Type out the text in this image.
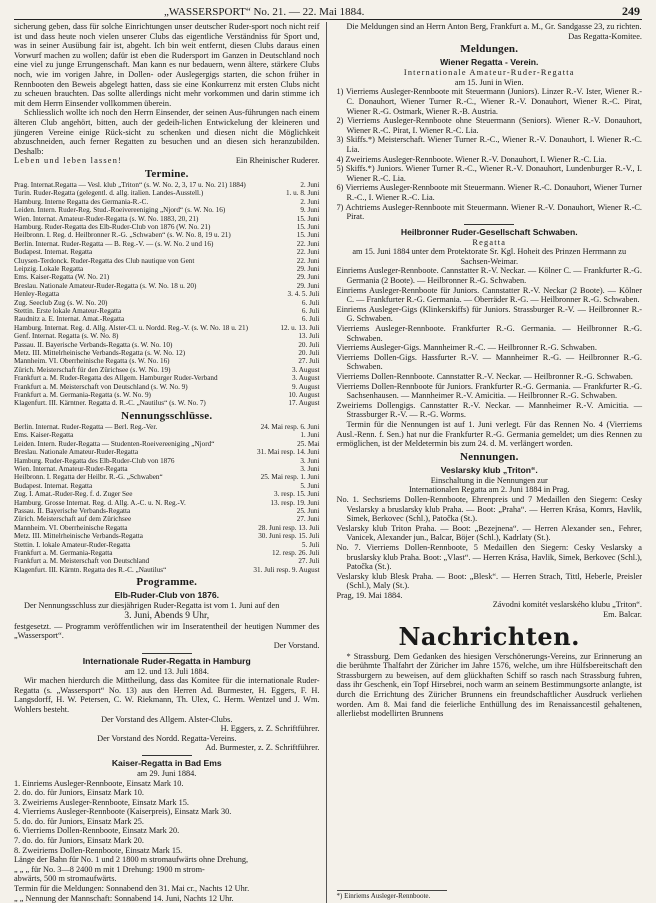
„WASSERSPORT“ No. 21. — 22. Mai 1884.	249

sicherung geben, dass für solche Einrichtungen unser deutscher Ruder-sport noch nicht reif ist und dass heute noch vielen unserer Clubs das eigentliche Verständniss für Sport und, was in seiner Ausübung fair ist, abgeht. Ich bin weit entfernt, diesen Clubs daraus einen Vorwurf machen zu wollen; dafür ist eben die Rudersport im Ganzen in Deutschland noch eine viel zu junge Errungenschaft. Man kann es nur bedauern, wenn ältere, stärkere Clubs noch, wie im vorigen Jahre, in Dollen- oder Auslegergigs starten, die schon früher in Rennbooten den Beweis abgelegt hatten, dass sie eine Konkurrenz mit ersten Clubs nicht zu scheuen brauchten. Das sollte allerdings nicht mehr vorkommen und darin stimme ich mit dem Herrn Einsender vollkommen überein.

Schliesslich wollte ich noch den Herrn Einsender, der seinen Aus-führungen nach einem älteren Club angehört, bitten, auch der gedeih-lichen Entwickelung der kleineren und jüngeren Vereine einige Rück-sicht zu schenken und diesen nicht die Möglichkeit abzuschneiden, auch ferner Regatten zu besuchen und an diesen sich heranzubilden. Deshalb:

Leben und leben lassen!	Ein Rheinischer Ruderer.

Termine.
Prag. Internat.Regatta — Vesl. klub „Triton“ (s. W. No. 2, 3, 17 u. No. 21) 1884)	2. Juni
Turin. Ruder-Regatta (gelegentl. d. allg. italien. Landes-Ausstell.)	1. u. 8. Juni
Hamburg. Interne Regatta des Germania-R.-C.	2. Juni
Leiden. Intern. Ruder-Reg. Stud.-Roeivereeniging „Njord“ (s. W. No. 16)	9. Juni
Wien. Internat. Amateur-Ruder-Regatta (s. W. No. 1883, 20, 21)	15. Juni
Hamburg. Ruder-Regatta des Elb-Ruder-Club von 1876 (W. No. 21)	15. Juni
Heilbronn. I. Reg. d. Heilbronner R.-G. „Schwaben“ (s. W. No. 8, 19 u. 21)	15. Juni
Berlin. Internat. Ruder-Regatta — B. Reg.-V. — (s. W. No. 2 und 16)	22. Juni
Budapest. Internat. Regatta	22. Juni
Cluysen-Terdonck. Ruder-Regatta des Club nautique von Gent	22. Juni
Leipzig. Lokale Regatta	29. Juni
Ems. Kaiser-Regatta (W. No. 21)	29. Juni
Breslau. Nationale Amateur-Ruder-Regatta (s. W. No. 18 u. 20)	29. Juni
Henley-Regatta	3. 4. 5. Juli
Zug. Seeclub Zug (s. W. No. 20)	6. Juli
Stettin. Erste lokale Amateur-Regatta	6. Juli
Raudnitz a. E. Internat. Amat.-Regatta	6. Juli
Hamburg. Internat. Reg. d. Allg. Alster-Cl. u. Nordd. Reg.-V. (s. W. No. 18 u. 21)	12. u. 13. Juli
Genf. Internat. Regatta (s. W. No. 8)	13. Juli
Passau. II. Bayerische Verbands-Regatta (s. W. No. 10)	20. Juli
Metz. III. Mittelrheinische Verbands-Regatta (s. W. No. 12)	20. Juli
Mannheim. VI. Oberrheinische Regatta (s. W. No. 16)	27. Juli
Zürich. Meisterschaft für den Zürichsee (s. W. No. 19)	3. August
Frankfurt a. M. Ruder-Regatta des Allgem. Hamburger Ruder-Verband	3. August
Frankfurt a. M. Meisterschaft von Deutschland (s. W. No. 9)	9. August
Frankfurt a. M. Germania-Regatta (s. W. No. 9)	10. August
Klagenfurt. III. Kärntner. Regatta d. R.-C. „Nautilus“ (s. W. No. 7)	17. August
Nennungsschlüsse.
Berlin. Internat. Ruder-Regatta — Berl. Reg.-Ver.	24. Mai resp. 6. Juni
Ems. Kaiser-Regatta	1. Juni
Leiden. Intern. Ruder-Regatta — Studenten-Roeivereeniging „Njord“	25. Mai
Breslau. Nationale Amateur-Ruder-Regatta	31. Mai resp. 14. Juni
Hamburg. Ruder-Regatta des Elb-Ruder-Club von 1876	3. Juni
Wien. Internat. Amateur-Ruder-Regatta	3. Juni
Heilbronn. I. Regatta der Heilbr. R.-G. „Schwaben“	25. Mai resp. 1. Juni
Budapest. Internat. Regatta	5. Juni
Zug. I. Amat.-Ruder-Reg. f. d. Zuger See	3. resp. 15. Juni
Hamburg. Grosse Internat. Reg. d. Allg. A.-C. u. N. Reg.-V.	13. resp. 19. Juni
Passau. II. Bayerische Verbands-Regatta	25. Juni
Zürich. Meisterschaft auf dem Zürichsee	27. Juni
Mannheim. VI. Oberrheinische Regatta	28. Juni resp. 13. Juli
Metz. III. Mittelrheinische Verbands-Regatta	30. Juni resp. 15. Juli
Stettin. I. lokale Amateur-Ruder-Regatta	5. Juli
Frankfurt a. M. Germania-Regatta	12. resp. 26. Juli
Frankfurt a. M. Meisterschaft von Deutschland	27. Juli
Klagenfurt. III. Kärntn. Regatta des R.-C. „Nautilus“	31. Juli resp. 9. August
Programme.
Elb-Ruder-Club von 1876.

Der Nennungsschluss zur diesjährigen Ruder-Regatta ist vom 1. Juni auf den

3. Juni, Abends 9 Uhr,

festgesetzt. — Programm veröffentlichen wir im Inseratentheil der heutigen Nummer des „Wassersport“.

Der Vorstand.

Internationale Ruder-Regatta in Hamburg

am 12. und 13. Juli 1884.

Wir machen hierdurch die Mittheilung, dass das Komitee für die internationale Ruder-Regatta (s. „Wassersport“ No. 13) aus den Herren Ad. Burmester, H. Eggers, F. H. Langsdorff, H. W. Petersen, C. W. Riekmann, Th. Ulex, C. Herm. Wentzel und J. Wm. Wohlers besteht.

Der Vorstand des Allgem. Alster-Clubs.

H. Eggers, z. Z. Schriftführer.

Der Vorstand des Nordd. Regatta-Vereins.

Ad. Burmester, z. Z. Schriftführer.

Kaiser-Regatta in Bad Ems

am 29. Juni 1884.

1. Einriems Ausleger-Rennboote, Einsatz Mark 10.

2. do. do. für Juniors, Einsatz Mark 10.

3. Zweiriems Ausleger-Rennboote, Einsatz Mark 15.

4. Vierriems Ausleger-Rennboote (Kaiserpreis), Einsatz Mark 30.

5. do. do. für Juniors, Einsatz Mark 25.

6. Vierriems Dollen-Rennboote, Einsatz Mark 20.

7. do. do. für Juniors, Einsatz Mark 20.

8. Zweiriems Dollen-Rennboote, Einsatz Mark 15.

Länge der Bahn für No. 1 und 2 1800 m stromaufwärts ohne Drehung,

„ „ „ für No. 3—8 2400 m mit 1 Drehung: 1900 m strom-

abwärts, 500 m stromaufwärts.

Termin für die Meldungen: Sonnabend den 31. Mai cr., Nachts 12 Uhr.

„ „ Nennung der Mannschaft: Sonnabend 14. Juni, Nachts 12 Uhr.

Die Meldungen sind an Herrn Anton Berg, Frankfurt a. M., Gr. Sandgasse 23, zu richten.

Das Regatta-Komitee.

Meldungen.
Wiener Regatta - Verein.

Internationale Amateur-Ruder-Regatta

am 15. Juni in Wien.

1) Vierriems Ausleger-Rennboote mit Steuermann (Juniors). Linzer R.-V. Ister, Wiener R.-C. Donauhort, Wiener Turner R.-C., Wiener R.-V. Donauhort, Wiener R.-C. Pirat, Wiener R.-G. Ostmark, Wiener R.-B. Austria.

2) Vierriems Ausleger-Rennboote ohne Steuermann (Seniors). Wiener R.-V. Donauhort, Wiener R.-C. Pirat, I. Wiener R.-C. Lia.

3) Skiffs.*) Meisterschaft. Wiener Turner R.-C., Wiener R.-V. Donauhort, I. Wiener R.-C. Lia.

4) Zweiriems Ausleger-Rennboote. Wiener R.-V. Donauhort, I. Wiener R.-C. Lia.

5) Skiffs.*) Juniors. Wiener Turner R.-C., Wiener R.-V. Donauhort, Lundenburger R.-V., I. Wiener R.-C. Lia.

6) Vierriems Ausleger-Rennboote mit Steuermann. Wiener R.-C. Donauhort, Wiener Turner R.-C., I. Wiener R.-C. Lia.

7) Achtriems Ausleger-Rennboote mit Steuermann. Wiener R.-V. Donauhort, Wiener R.-C. Pirat.

Heilbronner Ruder-Gesellschaft Schwaben.

Regatta

am 15. Juni 1884 unter dem Protektorate Sr. Kgl. Hoheit des Prinzen Herrmann zu Sachsen-Weimar.

Einriems Ausleger-Rennboote. Cannstatter R.-V. Neckar. — Kölner C. — Frankfurter R.-G. Germania (2 Boote). — Heilbronner R.-G. Schwaben.

Einriems Ausleger-Rennboote für Juniors. Cannstatter R.-V. Neckar (2 Boote). — Kölner C. — Frankfurter R.-G. Germania. — Oberräder R.-G. — Heilbronner R.-G. Schwaben.

Einriems Ausleger-Gigs (Klinkerskiffs) für Juniors. Strassburger R.-V. — Heilbronner R.-G. Schwaben.

Vierriems Ausleger-Rennboote. Frankfurter R.-G. Germania. — Heilbronner R.-G. Schwaben.

Vierriems Ausleger-Gigs. Mannheimer R.-C. — Heilbronner R.-G. Schwaben.

Vierriems Dollen-Gigs. Hassfurter R.-V. — Mannheimer R.-G. — Heilbronner R.-G. Schwaben.

Vierriems Dollen-Rennboote. Cannstatter R.-V. Neckar. — Heilbronner R.-G. Schwaben.

Vierriems Dollen-Rennboote für Juniors. Frankfurter R.-G. Germania. — Frankfurter R.-G. Sachsenhausen. — Mannheimer R.-V. Amicitia. — Heilbronner R.-G. Schwaben.

Zweiriems Dollengigs. Cannstatter R.-V. Neckar. — Mannheimer R.-V. Amicitia. — Strassburger R.-V. — R.-G. Worms.

Termin für die Nennungen ist auf 1. Juni verlegt. Für das Rennen No. 4 (Vierriems Ausl.-Renn. f. Sen.) hat nur die Frankfurter R.-G. Germania gemeldet; um dies Rennen zu ermöglichen, ist der Meldetermin bis zum 24. d. M. verlängert worden.

Nennungen.
Veslarsky klub „Triton“.

Einschaltung in die Nennungen zur

Internationalen Regatta am 2. Juni 1884 in Prag.

No. 1. Sechsriems Dollen-Rennboote, Ehrenpreis und 7 Medaillen den Siegern: Cesky Veslarsky a bruslarsky klub Praha. — Boot: „Praha“. — Herren Krása, Komrs, Havlik, Simek, Berkovec (Schl.), Patočka (St.).

Veslarsky klub Triton Praha. — Boot: „Bezejnena“. — Herren Alexander sen., Fehrer, Vanicek, Alexander jun., Balcar, Böjer (Schl.), Kadrlaty (St.).

No. 7. Vierriems Dollen-Rennboote, 5 Medaillen den Siegern: Cesky Veslarsky a bruslarsky klub Praha. Boot: „Vlast“. — Herren Krása, Havlik, Simek, Berkovec (Schl.), Patočka (St.).

Veslarsky klub Blesk Praha. — Boot: „Blesk“. — Herren Strach, Tittl, Heberle, Preisler (Schl.), Maly (St.).

Prag, 19. Mai 1884.

Závodni komitét veslarského klubu „Triton“.

Em. Balcar.

Nachrichten.

* Strassburg. Dem Gedanken des hiesigen Verschönerungs-Vereins, zur Erinnerung an die berühmte Thalfahrt der Züricher im Jahre 1576, welche, um ihre Hülfsbereitschaft den Strassburgern zu beweisen, auf dem glückhaften Schiff so rasch nach Strassburg fuhren, dass ihr Geschenk, ein Topf Hirsebrei, noch warm an seinem Bestimmungsorte anlangte, ist durch die Errichtung des Züricher Brunnens ein freundschaftlicher Ausdruck verliehen worden. Am 8. Mai fand die feierliche Enthüllung des im Renaissancestil gehaltenen, allerliebst modellirten Brunnens

*) Einriems Ausleger-Rennboote.
